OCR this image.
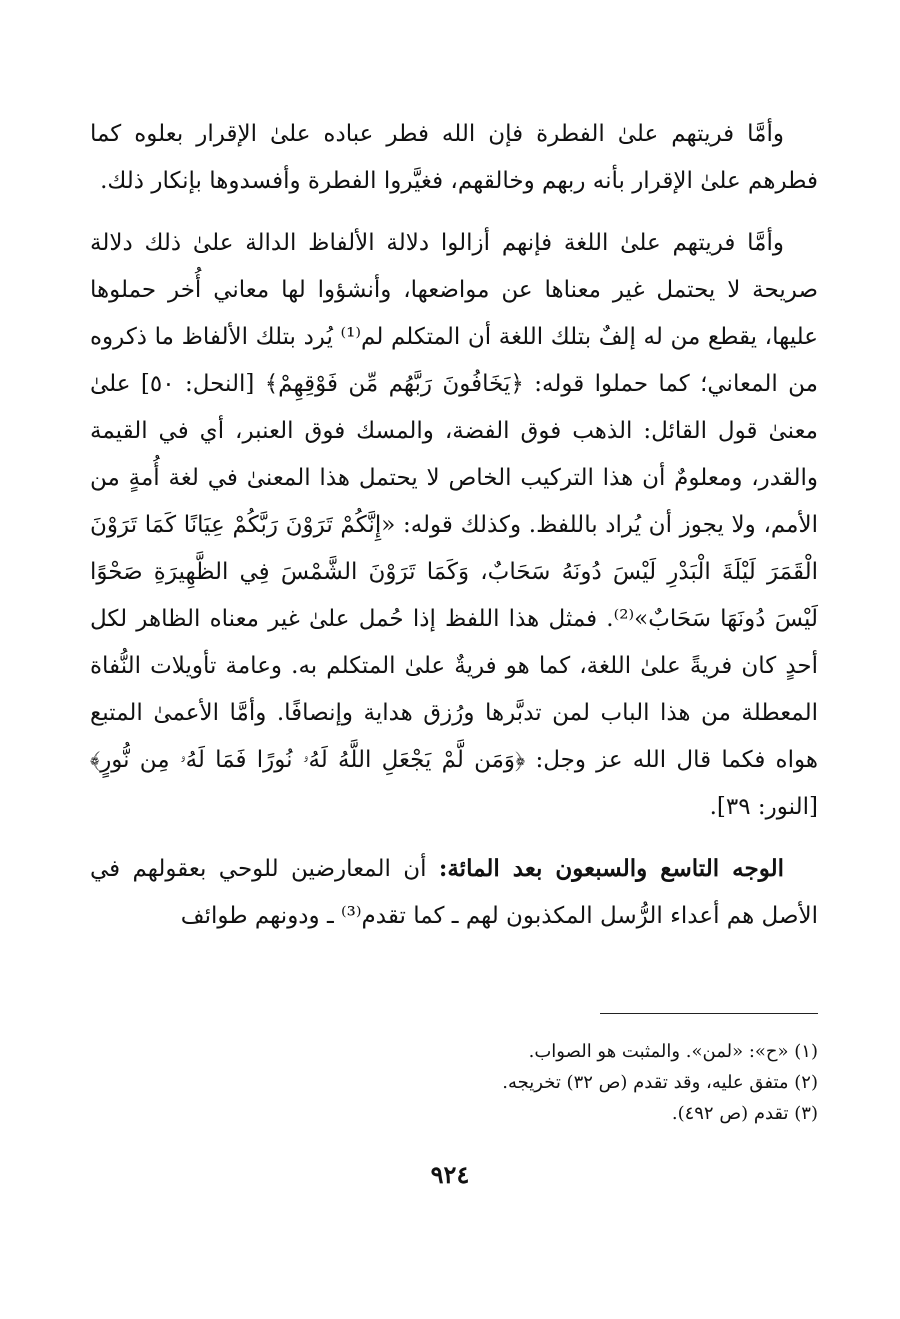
وأمَّا فريتهم علىٰ الفطرة فإن الله فطر عباده علىٰ الإقرار بعلوه كما فطرهم علىٰ الإقرار بأنه ربهم وخالقهم، فغيَّروا الفطرة وأفسدوها بإنكار ذلك.

وأمَّا فريتهم علىٰ اللغة فإنهم أزالوا دلالة الألفاظ الدالة علىٰ ذلك دلالة صريحة لا يحتمل غير معناها عن مواضعها، وأنشؤوا لها معاني أُخر حملوها عليها، يقطع من له إلفٌ بتلك اللغة أن المتكلم لم⁽¹⁾ يُرد بتلك الألفاظ ما ذكروه من المعاني؛ كما حملوا قوله: ﴿يَخَافُونَ رَبَّهُم مِّن فَوْقِهِمْ﴾ [النحل: ٥٠] علىٰ معنىٰ قول القائل: الذهب فوق الفضة، والمسك فوق العنبر، أي في القيمة والقدر، ومعلومٌ أن هذا التركيب الخاص لا يحتمل هذا المعنىٰ في لغة أُمةٍ من الأمم، ولا يجوز أن يُراد باللفظ. وكذلك قوله: «إِنَّكُمْ تَرَوْنَ رَبَّكُمْ عِيَانًا كَمَا تَرَوْنَ الْقَمَرَ لَيْلَةَ الْبَدْرِ لَيْسَ دُونَهُ سَحَابٌ، وَكَمَا تَرَوْنَ الشَّمْسَ فِي الظَّهِيرَةِ صَحْوًا لَيْسَ دُونَهَا سَحَابٌ»⁽²⁾. فمثل هذا اللفظ إذا حُمل علىٰ غير معناه الظاهر لكل أحدٍ كان فريةً علىٰ اللغة، كما هو فريةٌ علىٰ المتكلم به. وعامة تأويلات النُّفاة المعطلة من هذا الباب لمن تدبَّرها ورُزق هداية وإنصافًا. وأمَّا الأعمىٰ المتبع هواه فكما قال الله عز وجل: ﴿وَمَن لَّمْ يَجْعَلِ اللَّهُ لَهُۥ نُورًا فَمَا لَهُۥ مِن نُّورٍ﴾ [النور: ٣٩].

الوجه التاسع والسبعون بعد المائة: أن المعارضين للوحي بعقولهم في الأصل هم أعداء الرُّسل المكذبون لهم ـ كما تقدم⁽³⁾ ـ ودونهم طوائف

(١) «ح»: «لمن». والمثبت هو الصواب.
(٢) متفق عليه، وقد تقدم (ص ٣٢) تخريجه.
(٣) تقدم (ص ٤٩٢).
٩٢٤
